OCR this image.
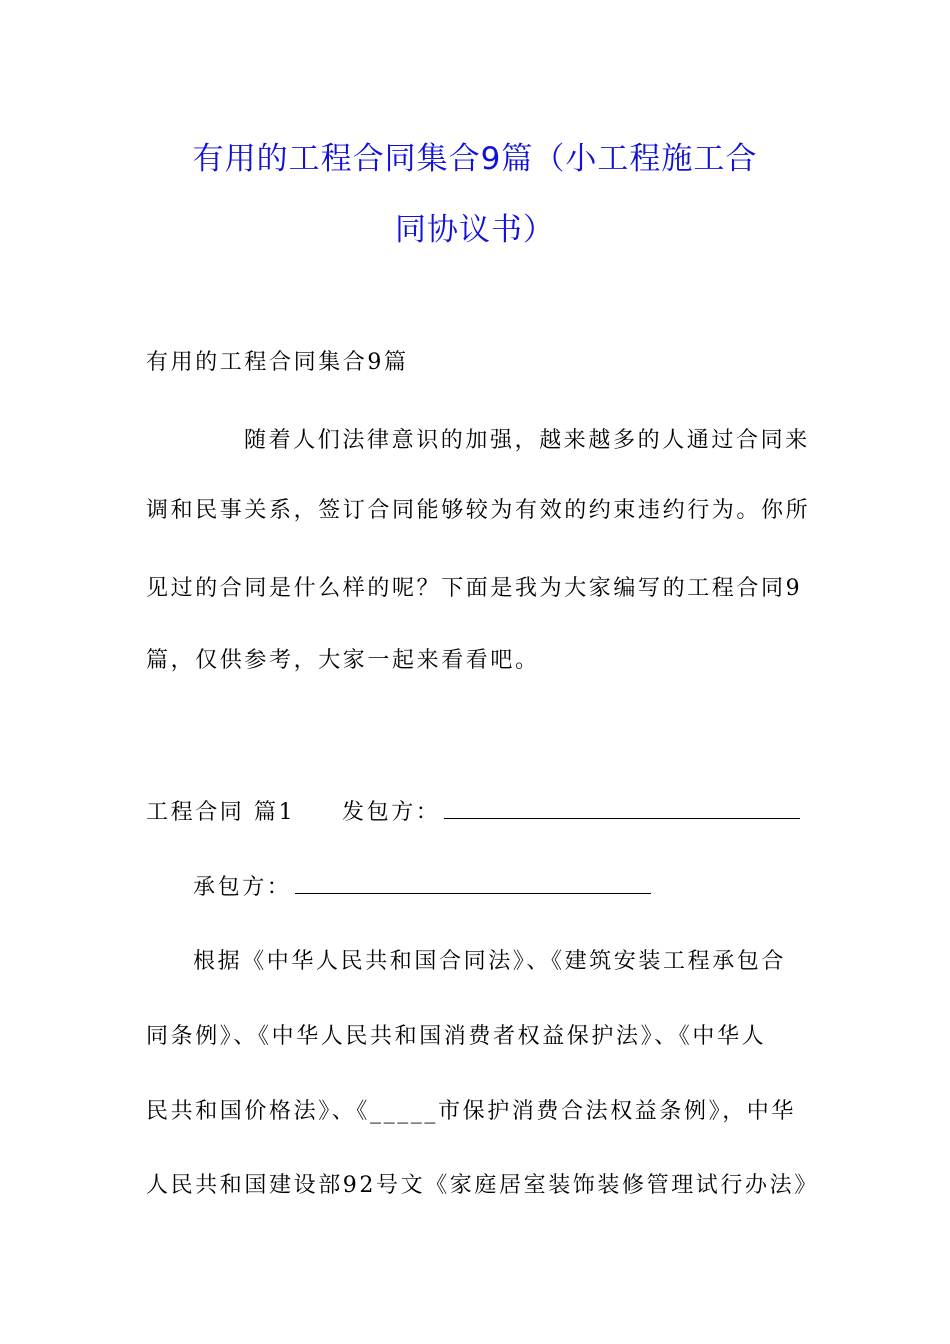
有用的工程合同集合9篇（小工程施工合
同协议书）

有用的工程合同集合9篇

随着人们法律意识的加强，越来越多的人通过合同来

调和民事关系，签订合同能够较为有效的约束违约行为。你所

见过的合同是什么样的呢？下面是我为大家编写的工程合同9

篇，仅供参考，大家一起来看看吧。

工程合同 篇1 发包方：

承包方：

根据《中华人民共和国合同法》、《建筑安装工程承包合

同条例》、《中华人民共和国消费者权益保护法》、《中华人

民共和国价格法》、《_____市保护消费合法权益条例》，中华

人民共和国建设部92号文《家庭居室装饰装修管理试行办法》
